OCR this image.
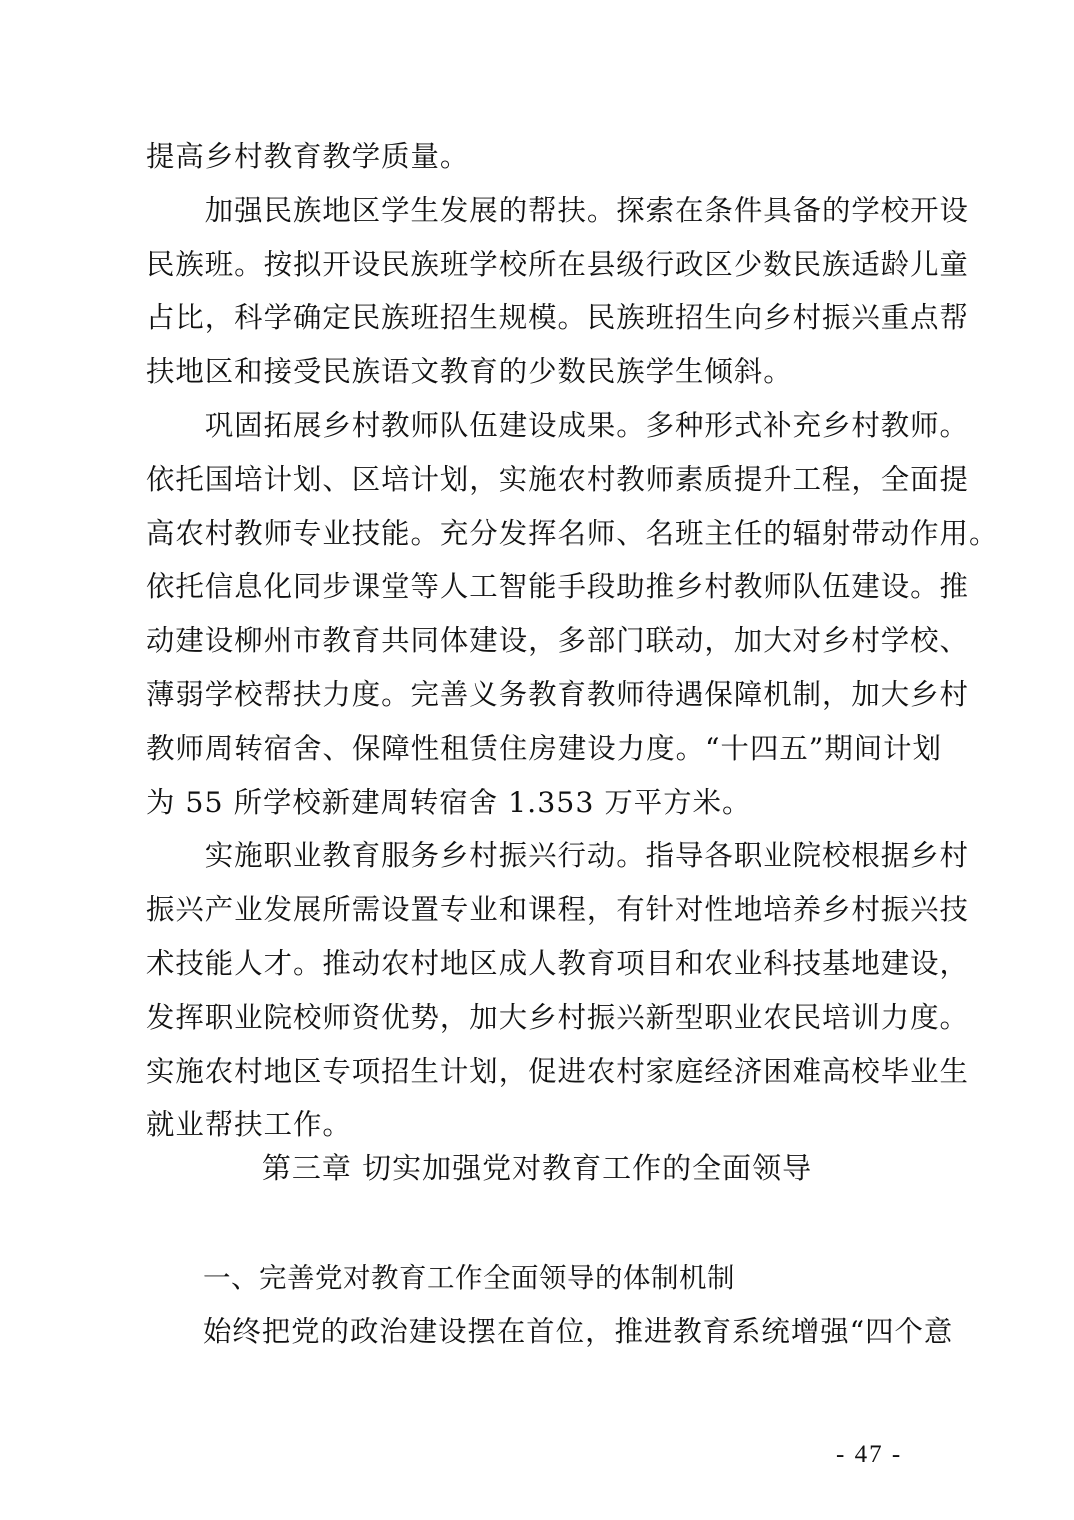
提高乡村教育教学质量。
　　加强民族地区学生发展的帮扶。探索在条件具备的学校开设
民族班。按拟开设民族班学校所在县级行政区少数民族适龄儿童
占比，科学确定民族班招生规模。民族班招生向乡村振兴重点帮
扶地区和接受民族语文教育的少数民族学生倾斜。
　　巩固拓展乡村教师队伍建设成果。多种形式补充乡村教师。
依托国培计划、区培计划，实施农村教师素质提升工程，全面提
高农村教师专业技能。充分发挥名师、名班主任的辐射带动作用。
依托信息化同步课堂等人工智能手段助推乡村教师队伍建设。推
动建设柳州市教育共同体建设，多部门联动，加大对乡村学校、
薄弱学校帮扶力度。完善义务教育教师待遇保障机制，加大乡村
教师周转宿舍、保障性租赁住房建设力度。“十四五”期间计划
为 55 所学校新建周转宿舍 1.353 万平方米。
　　实施职业教育服务乡村振兴行动。指导各职业院校根据乡村
振兴产业发展所需设置专业和课程，有针对性地培养乡村振兴技
术技能人才。推动农村地区成人教育项目和农业科技基地建设，
发挥职业院校师资优势，加大乡村振兴新型职业农民培训力度。
实施农村地区专项招生计划，促进农村家庭经济困难高校毕业生
就业帮扶工作。
第三章 切实加强党对教育工作的全面领导
一、完善党对教育工作全面领导的体制机制
始终把党的政治建设摆在首位，推进教育系统增强“四个意
- 47 -
